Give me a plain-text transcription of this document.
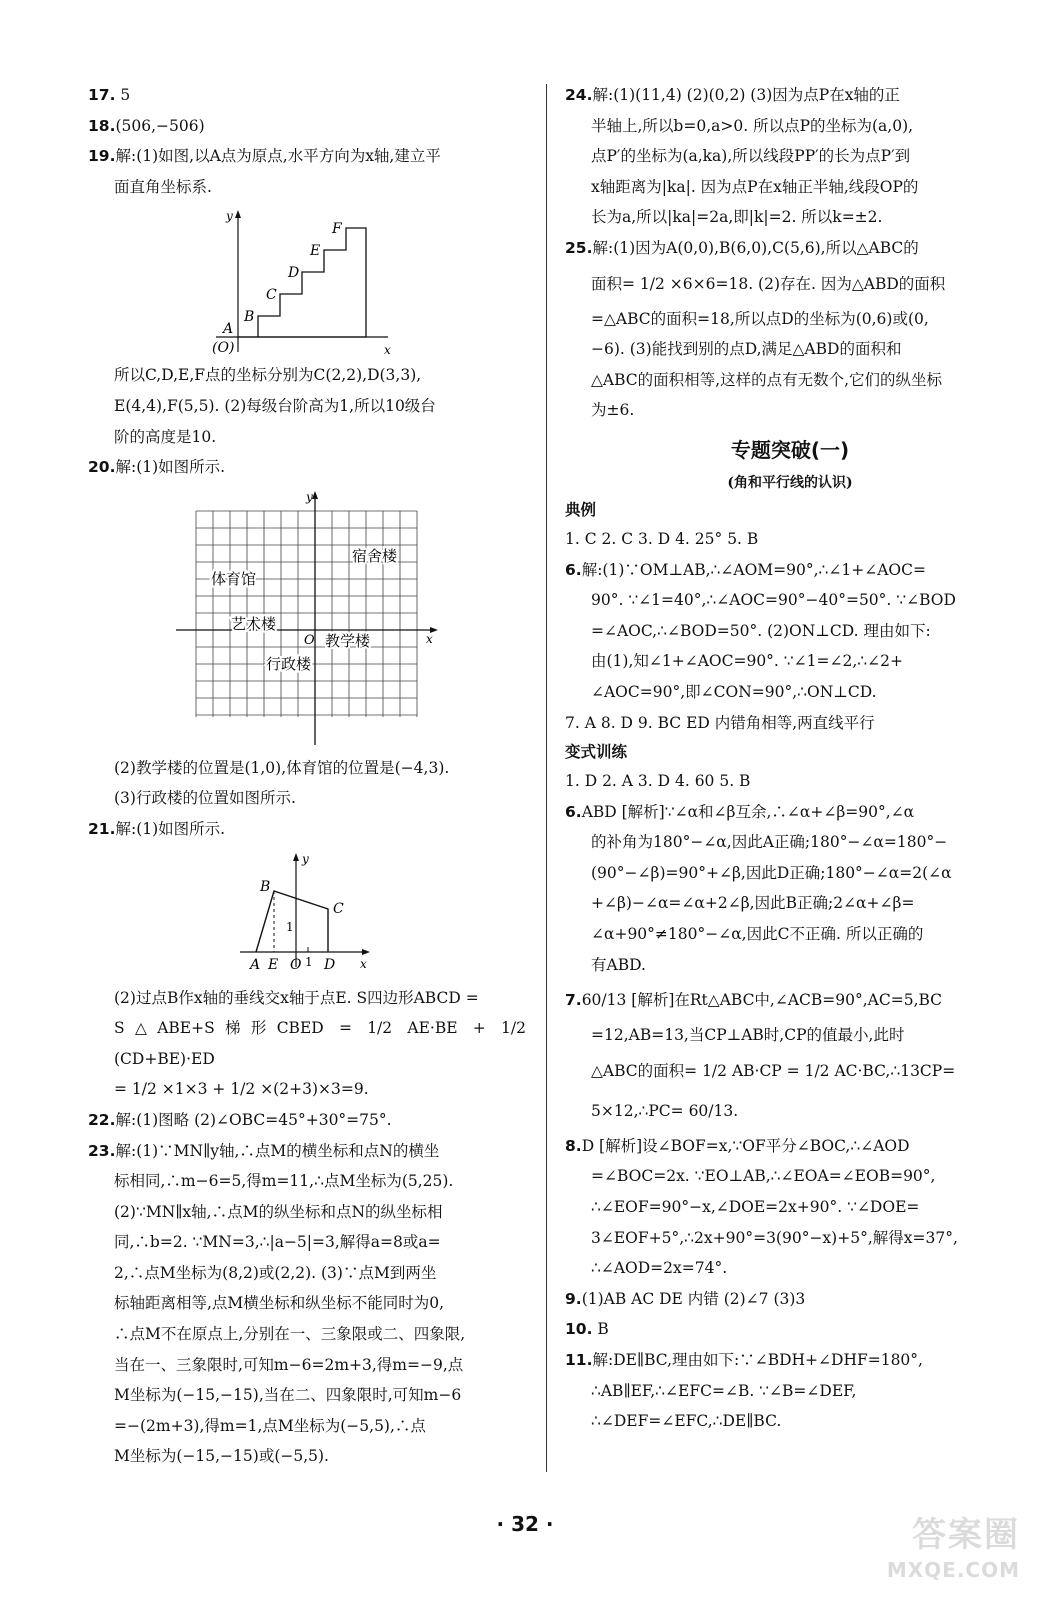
17. 5

18.(506,−506)

19.解:(1)如图,以A点为原点,水平方向为x轴,建立平

面直角坐标系.

y
x
A
(O)
B
C
D
E
F

所以C,D,E,F点的坐标分别为C(2,2),D(3,3),

E(4,4),F(5,5). (2)每级台阶高为1,所以10级台

阶的高度是10.

20.解:(1)如图所示.

y
x
O
宿舍楼
体育馆
艺术楼
教学楼
行政楼

(2)教学楼的位置是(1,0),体育馆的位置是(−4,3).

(3)行政楼的位置如图所示.

21.解:(1)如图所示.

y
x
B
C
A E O
1
D
1

(2)过点B作x轴的垂线交x轴于点E. S四边形ABCD =

S△ABE+S梯形CBED = 1/2 AE·BE + 1/2 (CD+BE)·ED

= 1/2 ×1×3 + 1/2 ×(2+3)×3=9.

22.解:(1)图略 (2)∠OBC=45°+30°=75°.

23.解:(1)∵MN∥y轴,∴点M的横坐标和点N的横坐

标相同,∴m−6=5,得m=11,∴点M坐标为(5,25).

(2)∵MN∥x轴,∴点M的纵坐标和点N的纵坐标相

同,∴b=2. ∵MN=3,∴|a−5|=3,解得a=8或a=

2,∴点M坐标为(8,2)或(2,2). (3)∵点M到两坐

标轴距离相等,点M横坐标和纵坐标不能同时为0,

∴点M不在原点上,分别在一、三象限或二、四象限,

当在一、三象限时,可知m−6=2m+3,得m=−9,点

M坐标为(−15,−15),当在二、四象限时,可知m−6

=−(2m+3),得m=1,点M坐标为(−5,5),∴点

M坐标为(−15,−15)或(−5,5).

24.解:(1)(11,4) (2)(0,2) (3)因为点P在x轴的正

半轴上,所以b=0,a>0. 所以点P的坐标为(a,0),

点P′的坐标为(a,ka),所以线段PP′的长为点P′到

x轴距离为|ka|. 因为点P在x轴正半轴,线段OP的

长为a,所以|ka|=2a,即|k|=2. 所以k=±2.

25.解:(1)因为A(0,0),B(6,0),C(5,6),所以△ABC的

面积= 1/2 ×6×6=18. (2)存在. 因为△ABD的面积

=△ABC的面积=18,所以点D的坐标为(0,6)或(0,

−6). (3)能找到别的点D,满足△ABD的面积和

△ABC的面积相等,这样的点有无数个,它们的纵坐标

为±6.

专题突破(一)
(角和平行线的认识)
典例

1. C 2. C 3. D 4. 25° 5. B

6.解:(1)∵OM⊥AB,∴∠AOM=90°,∴∠1+∠AOC=

90°. ∵∠1=40°,∴∠AOC=90°−40°=50°. ∵∠BOD

=∠AOC,∴∠BOD=50°. (2)ON⊥CD. 理由如下:

由(1),知∠1+∠AOC=90°. ∵∠1=∠2,∴∠2+

∠AOC=90°,即∠CON=90°,∴ON⊥CD.

7. A 8. D 9. BC ED 内错角相等,两直线平行

变式训练

1. D 2. A 3. D 4. 60 5. B

6.ABD [解析]∵∠α和∠β互余,∴∠α+∠β=90°,∠α

的补角为180°−∠α,因此A正确;180°−∠α=180°−

(90°−∠β)=90°+∠β,因此D正确;180°−∠α=2(∠α

+∠β)−∠α=∠α+2∠β,因此B正确;2∠α+∠β=

∠α+90°≠180°−∠α,因此C不正确. 所以正确的

有ABD.

7.60/13 [解析]在Rt△ABC中,∠ACB=90°,AC=5,BC

=12,AB=13,当CP⊥AB时,CP的值最小,此时

△ABC的面积= 1/2 AB·CP = 1/2 AC·BC,∴13CP=

5×12,∴PC= 60/13.

8.D [解析]设∠BOF=x,∵OF平分∠BOC,∴∠AOD

=∠BOC=2x. ∵EO⊥AB,∴∠EOA=∠EOB=90°,

∴∠EOF=90°−x,∠DOE=2x+90°. ∵∠DOE=

3∠EOF+5°,∴2x+90°=3(90°−x)+5°,解得x=37°,

∴∠AOD=2x=74°.

9.(1)AB AC DE 内错 (2)∠7 (3)3

10. B

11.解:DE∥BC,理由如下:∵∠BDH+∠DHF=180°,

∴AB∥EF,∴∠EFC=∠B. ∵∠B=∠DEF,

∴∠DEF=∠EFC,∴DE∥BC.

· 32 ·	答案圈
MXQE.COM
